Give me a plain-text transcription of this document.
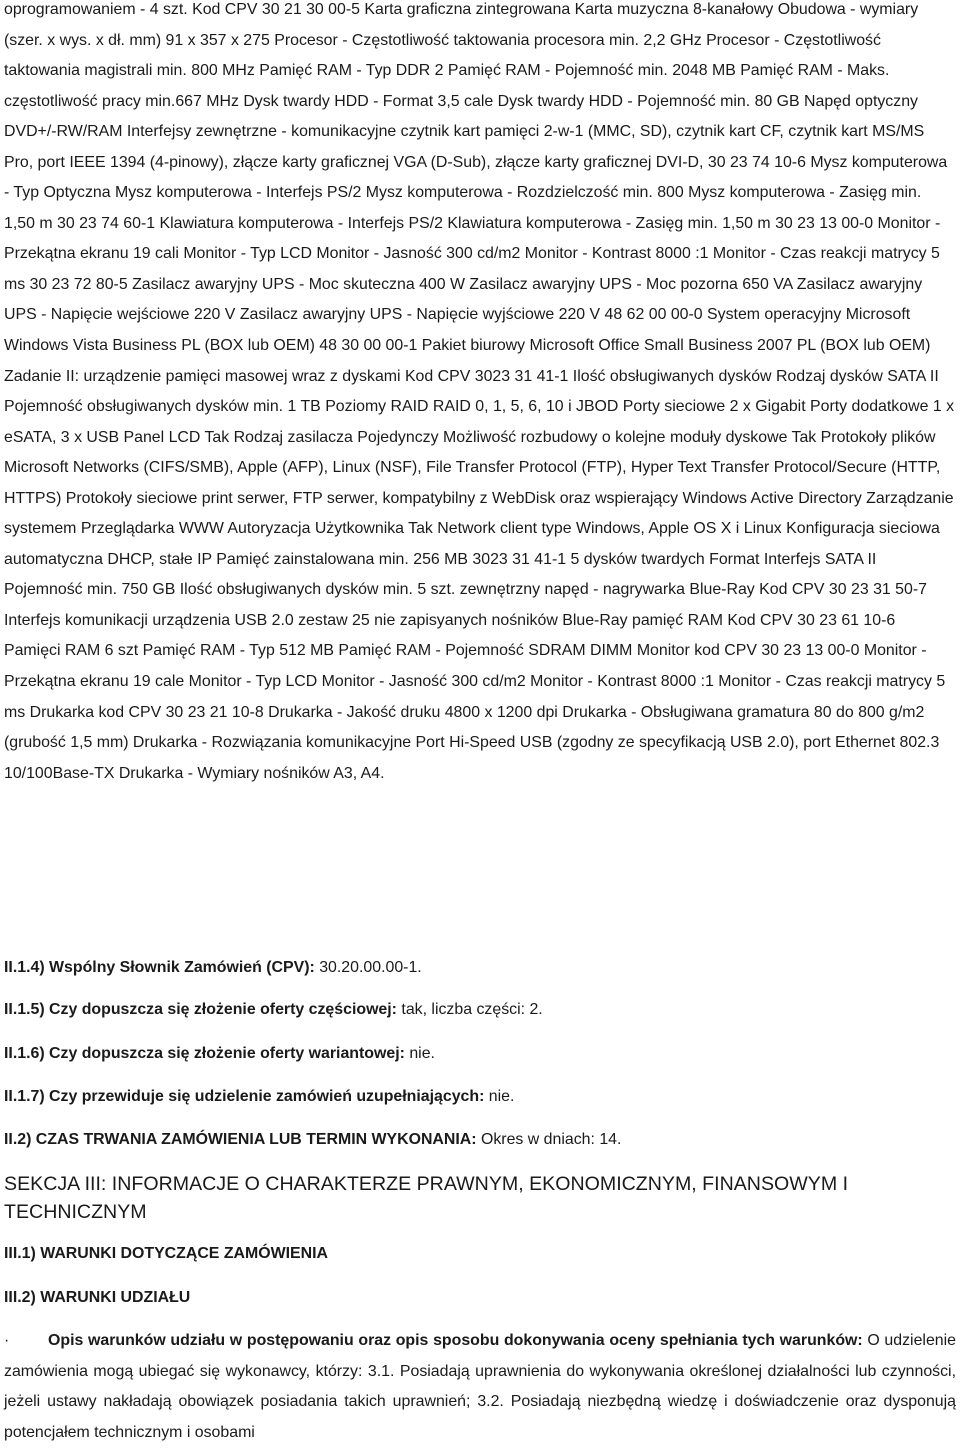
oprogramowaniem - 4 szt. Kod CPV 30 21 30 00-5 Karta graficzna zintegrowana Karta muzyczna 8-kanałowy Obudowa - wymiary (szer. x wys. x dł. mm) 91 x 357 x 275 Procesor - Częstotliwość taktowania procesora min. 2,2 GHz Procesor - Częstotliwość taktowania magistrali min. 800 MHz Pamięć RAM - Typ DDR 2 Pamięć RAM - Pojemność min. 2048 MB Pamięć RAM - Maks. częstotliwość pracy min.667 MHz Dysk twardy HDD - Format 3,5 cale Dysk twardy HDD - Pojemność min. 80 GB Napęd optyczny DVD+/-RW/RAM Interfejsy zewnętrzne - komunikacyjne czytnik kart pamięci 2-w-1 (MMC, SD), czytnik kart CF, czytnik kart MS/MS Pro, port IEEE 1394 (4-pinowy), złącze karty graficznej VGA (D-Sub), złącze karty graficznej DVI-D, 30 23 74 10-6 Mysz komputerowa - Typ Optyczna Mysz komputerowa - Interfejs PS/2 Mysz komputerowa - Rozdzielczość min. 800 Mysz komputerowa - Zasięg min. 1,50 m 30 23 74 60-1 Klawiatura komputerowa - Interfejs PS/2 Klawiatura komputerowa - Zasięg min. 1,50 m 30 23 13 00-0 Monitor - Przekątna ekranu 19 cali Monitor - Typ LCD Monitor - Jasność 300 cd/m2 Monitor - Kontrast 8000 :1 Monitor - Czas reakcji matrycy 5 ms 30 23 72 80-5 Zasilacz awaryjny UPS - Moc skuteczna 400 W Zasilacz awaryjny UPS - Moc pozorna 650 VA Zasilacz awaryjny UPS - Napięcie wejściowe 220 V Zasilacz awaryjny UPS - Napięcie wyjściowe 220 V 48 62 00 00-0 System operacyjny Microsoft Windows Vista Business PL (BOX lub OEM) 48 30 00 00-1 Pakiet biurowy Microsoft Office Small Business 2007 PL (BOX lub OEM) Zadanie II: urządzenie pamięci masowej wraz z dyskami Kod CPV 3023 31 41-1 Ilość obsługiwanych dysków Rodzaj dysków SATA II Pojemność obsługiwanych dysków min. 1 TB Poziomy RAID RAID 0, 1, 5, 6, 10 i JBOD Porty sieciowe 2 x Gigabit Porty dodatkowe 1 x eSATA, 3 x USB Panel LCD Tak Rodzaj zasilacza Pojedynczy Możliwość rozbudowy o kolejne moduły dyskowe Tak Protokoły plików Microsoft Networks (CIFS/SMB), Apple (AFP), Linux (NSF), File Transfer Protocol (FTP), Hyper Text Transfer Protocol/Secure (HTTP, HTTPS) Protokoły sieciowe print serwer, FTP serwer, kompatybilny z WebDisk oraz wspierający Windows Active Directory Zarządzanie systemem Przeglądarka WWW Autoryzacja Użytkownika Tak Network client type Windows, Apple OS X i Linux Konfiguracja sieciowa automatyczna DHCP, stałe IP Pamięć zainstalowana min. 256 MB 3023 31 41-1 5 dysków twardych Format Interfejs SATA II Pojemność min. 750 GB Ilość obsługiwanych dysków min. 5 szt. zewnętrzny napęd - nagrywarka Blue-Ray Kod CPV 30 23 31 50-7 Interfejs komunikacji urządzenia USB 2.0 zestaw 25 nie zapisyanych nośników Blue-Ray pamięć RAM Kod CPV 30 23 61 10-6 Pamięci RAM 6 szt Pamięć RAM - Typ 512 MB Pamięć RAM - Pojemność SDRAM DIMM Monitor kod CPV 30 23 13 00-0 Monitor - Przekątna ekranu 19 cale Monitor - Typ LCD Monitor - Jasność 300 cd/m2 Monitor - Kontrast 8000 :1 Monitor - Czas reakcji matrycy 5 ms Drukarka kod CPV 30 23 21 10-8 Drukarka - Jakość druku 4800 x 1200 dpi Drukarka - Obsługiwana gramatura 80 do 800 g/m2 (grubość 1,5 mm) Drukarka - Rozwiązania komunikacyjne Port Hi-Speed USB (zgodny ze specyfikacją USB 2.0), port Ethernet 802.3 10/100Base-TX Drukarka - Wymiary nośników A3, A4.

II.1.4) Wspólny Słownik Zamówień (CPV): 30.20.00.00-1.

II.1.5) Czy dopuszcza się złożenie oferty częściowej: tak, liczba części: 2.

II.1.6) Czy dopuszcza się złożenie oferty wariantowej: nie.

II.1.7) Czy przewiduje się udzielenie zamówień uzupełniających: nie.

II.2) CZAS TRWANIA ZAMÓWIENIA LUB TERMIN WYKONANIA: Okres w dniach: 14.

SEKCJA III: INFORMACJE O CHARAKTERZE PRAWNYM, EKONOMICZNYM, FINANSOWYM I TECHNICZNYM

III.1) WARUNKI DOTYCZĄCE ZAMÓWIENIA

III.2) WARUNKI UDZIAŁU

· Opis warunków udziału w postępowaniu oraz opis sposobu dokonywania oceny spełniania tych warunków: O udzielenie zamówienia mogą ubiegać się wykonawcy, którzy: 3.1. Posiadają uprawnienia do wykonywania określonej działalności lub czynności, jeżeli ustawy nakładają obowiązek posiadania takich uprawnień; 3.2. Posiadają niezbędną wiedzę i doświadczenie oraz dysponują potencjałem technicznym i osobami
